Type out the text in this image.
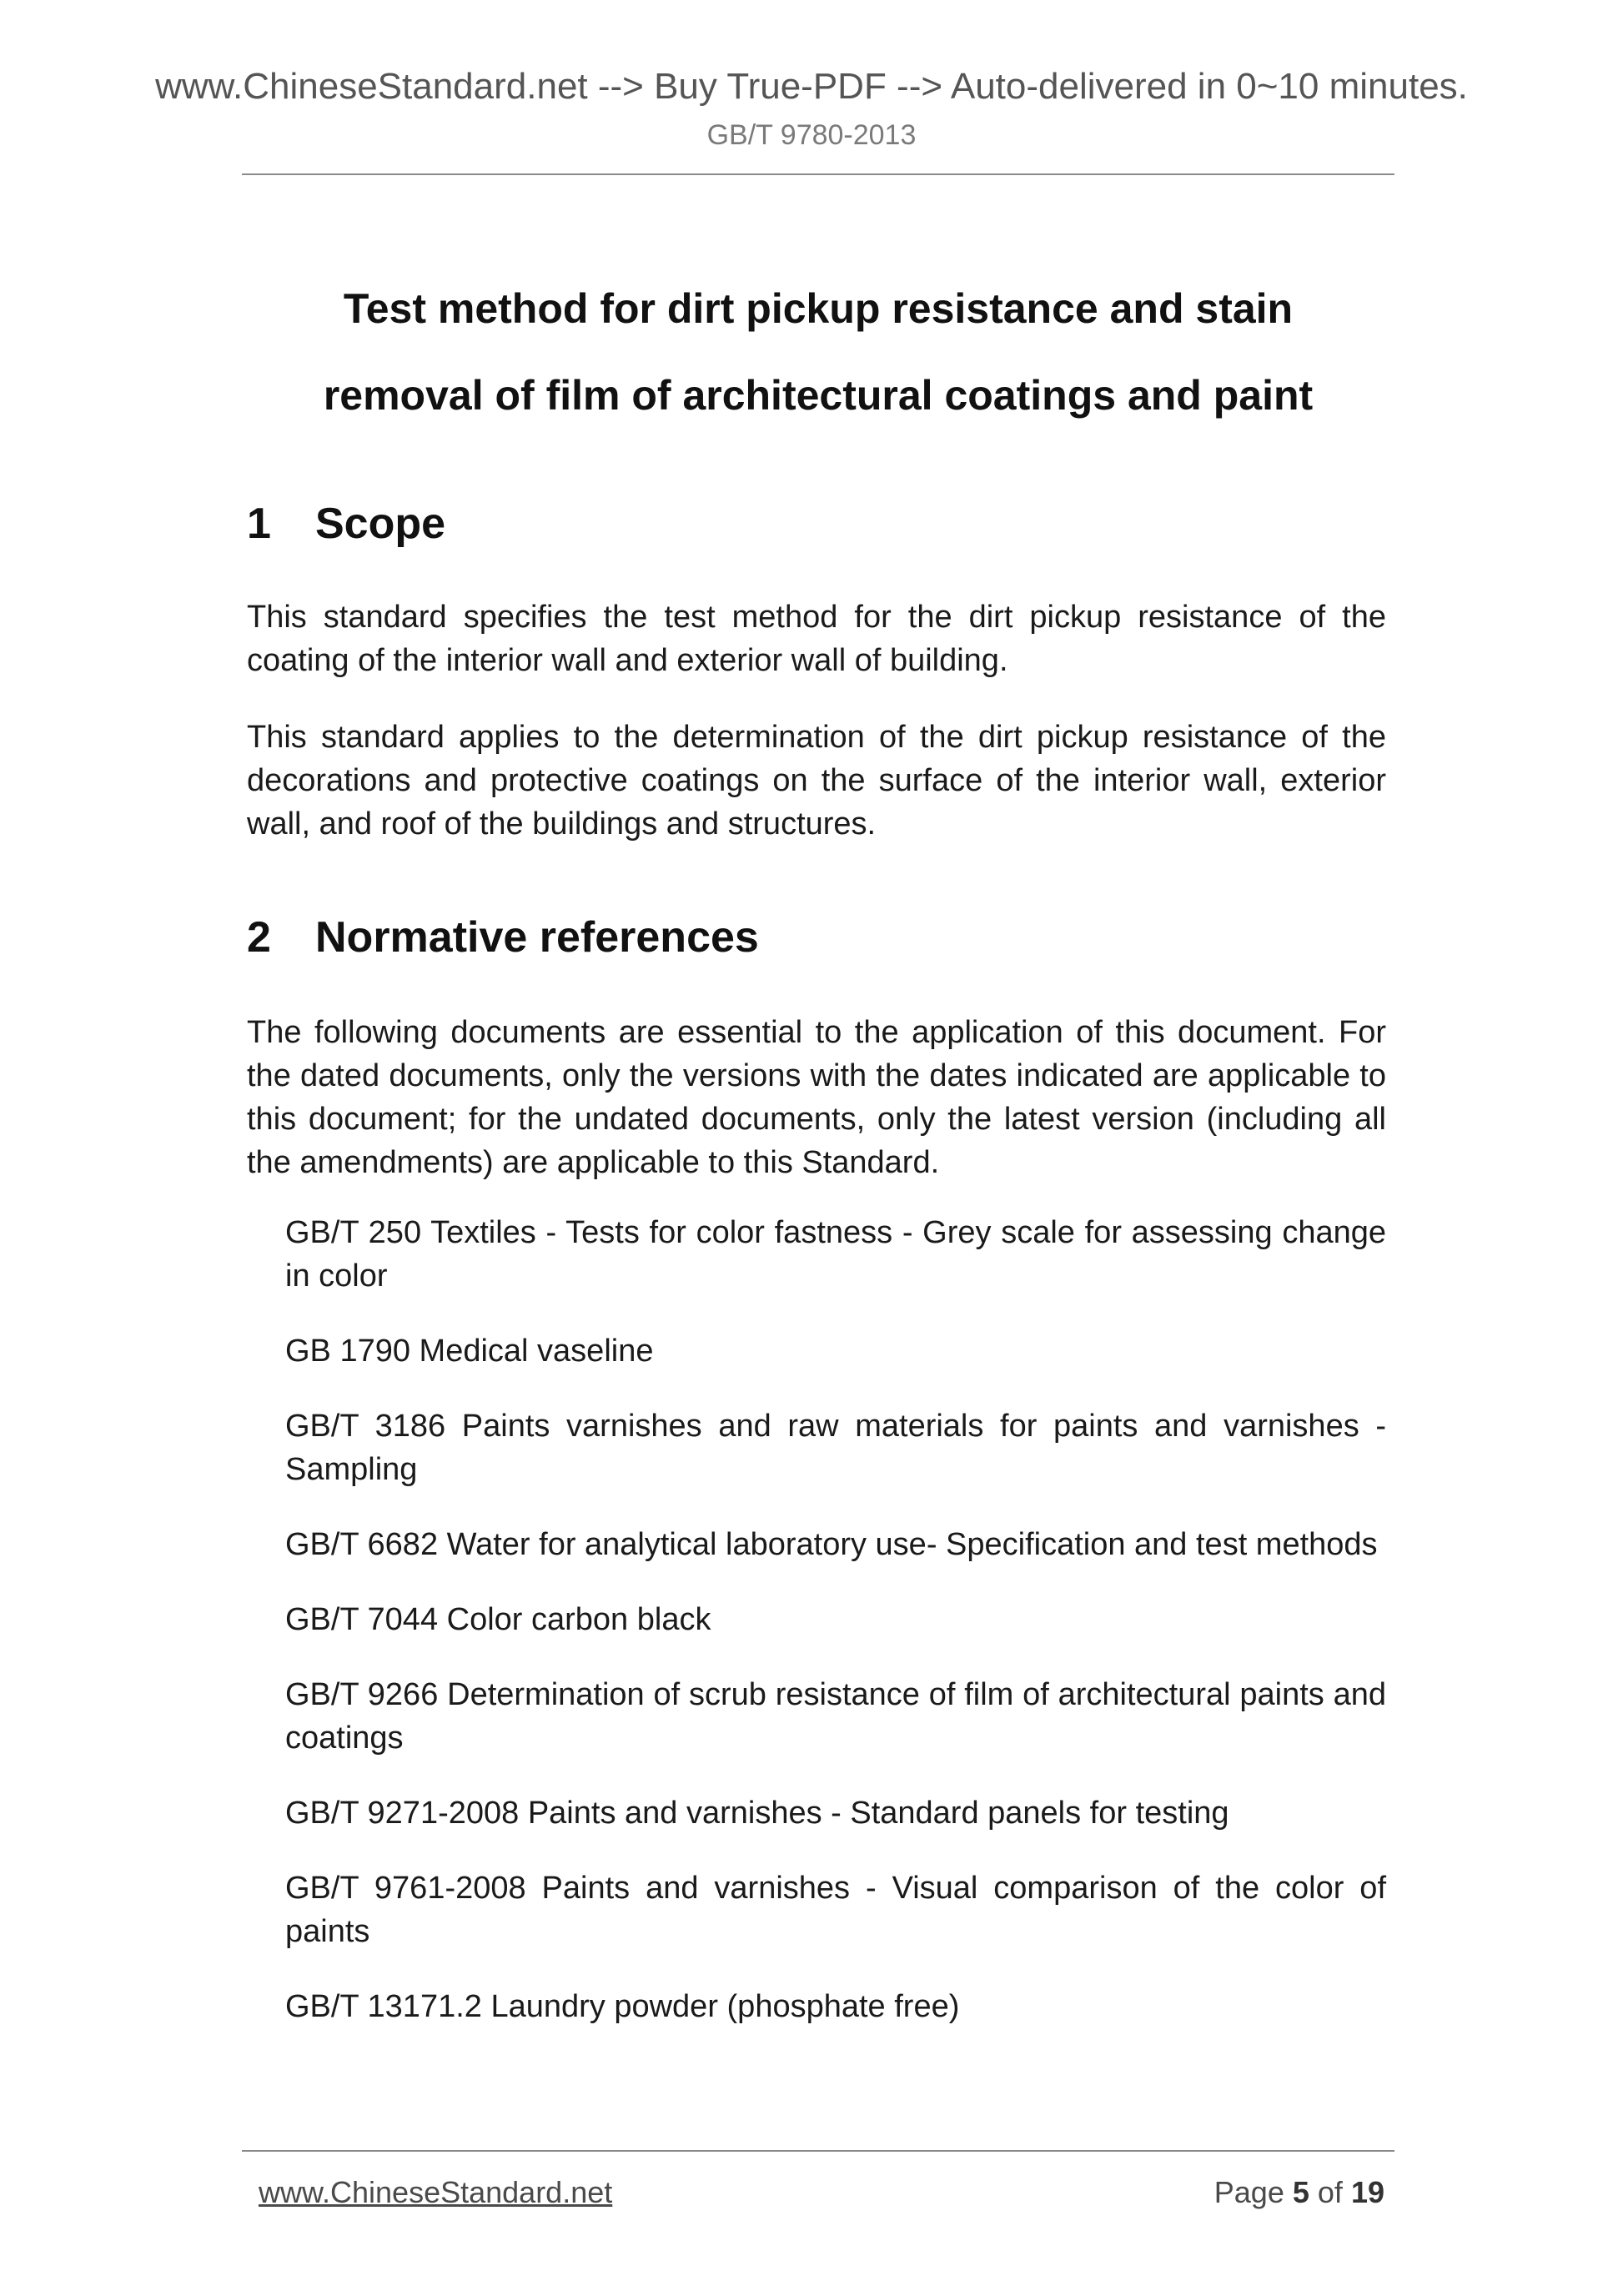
www.ChineseStandard.net --> Buy True-PDF --> Auto-delivered in 0~10 minutes.
GB/T 9780-2013
Test method for dirt pickup resistance and stain
removal of film of architectural coatings and paint
1 Scope

This standard specifies the test method for the dirt pickup resistance of the coating of the interior wall and exterior wall of building.

This standard applies to the determination of the dirt pickup resistance of the decorations and protective coatings on the surface of the interior wall, exterior wall, and roof of the buildings and structures.

2 Normative references

The following documents are essential to the application of this document. For the dated documents, only the versions with the dates indicated are applicable to this document; for the undated documents, only the latest version (including all the amendments) are applicable to this Standard.

GB/T 250 Textiles - Tests for color fastness - Grey scale for assessing change in color
GB 1790 Medical vaseline
GB/T 3186 Paints varnishes and raw materials for paints and varnishes - Sampling
GB/T 6682 Water for analytical laboratory use- Specification and test methods
GB/T 7044 Color carbon black
GB/T 9266 Determination of scrub resistance of film of architectural paints and coatings
GB/T 9271-2008 Paints and varnishes - Standard panels for testing
GB/T 9761-2008 Paints and varnishes - Visual comparison of the color of paints
GB/T 13171.2 Laundry powder (phosphate free)
www.ChineseStandard.net	Page 5 of 19
